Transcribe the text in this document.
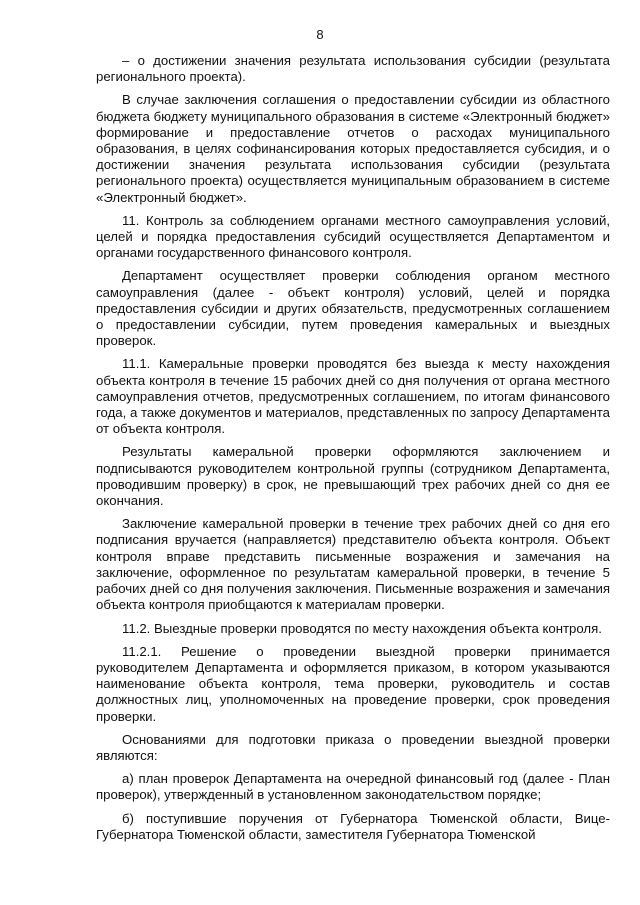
8

– о достижении значения результата использования субсидии (результата регионального проекта).

В случае заключения соглашения о предоставлении субсидии из областного бюджета бюджету муниципального образования в системе «Электронный бюджет» формирование и предоставление отчетов о расходах муниципального образования, в целях софинансирования которых предоставляется субсидия, и о достижении значения результата использования субсидии (результата регионального проекта) осуществляется муниципальным образованием в системе «Электронный бюджет».

11. Контроль за соблюдением органами местного самоуправления условий, целей и порядка предоставления субсидий осуществляется Департаментом и органами государственного финансового контроля.

Департамент осуществляет проверки соблюдения органом местного самоуправления (далее - объект контроля) условий, целей и порядка предоставления субсидии и других обязательств, предусмотренных соглашением о предоставлении субсидии, путем проведения камеральных и выездных проверок.

11.1. Камеральные проверки проводятся без выезда к месту нахождения объекта контроля в течение 15 рабочих дней со дня получения от органа местного самоуправления отчетов, предусмотренных соглашением, по итогам финансового года, а также документов и материалов, представленных по запросу Департамента от объекта контроля.

Результаты камеральной проверки оформляются заключением и подписываются руководителем контрольной группы (сотрудником Департамента, проводившим проверку) в срок, не превышающий трех рабочих дней со дня ее окончания.

Заключение камеральной проверки в течение трех рабочих дней со дня его подписания вручается (направляется) представителю объекта контроля. Объект контроля вправе представить письменные возражения и замечания на заключение, оформленное по результатам камеральной проверки, в течение 5 рабочих дней со дня получения заключения. Письменные возражения и замечания объекта контроля приобщаются к материалам проверки.

11.2. Выездные проверки проводятся по месту нахождения объекта контроля.

11.2.1. Решение о проведении выездной проверки принимается руководителем Департамента и оформляется приказом, в котором указываются наименование объекта контроля, тема проверки, руководитель и состав должностных лиц, уполномоченных на проведение проверки, срок проведения проверки.

Основаниями для подготовки приказа о проведении выездной проверки являются:

а) план проверок Департамента на очередной финансовый год (далее - План проверок), утвержденный в установленном законодательством порядке;

б) поступившие поручения от Губернатора Тюменской области, Вице-Губернатора Тюменской области, заместителя Губернатора Тюменской
